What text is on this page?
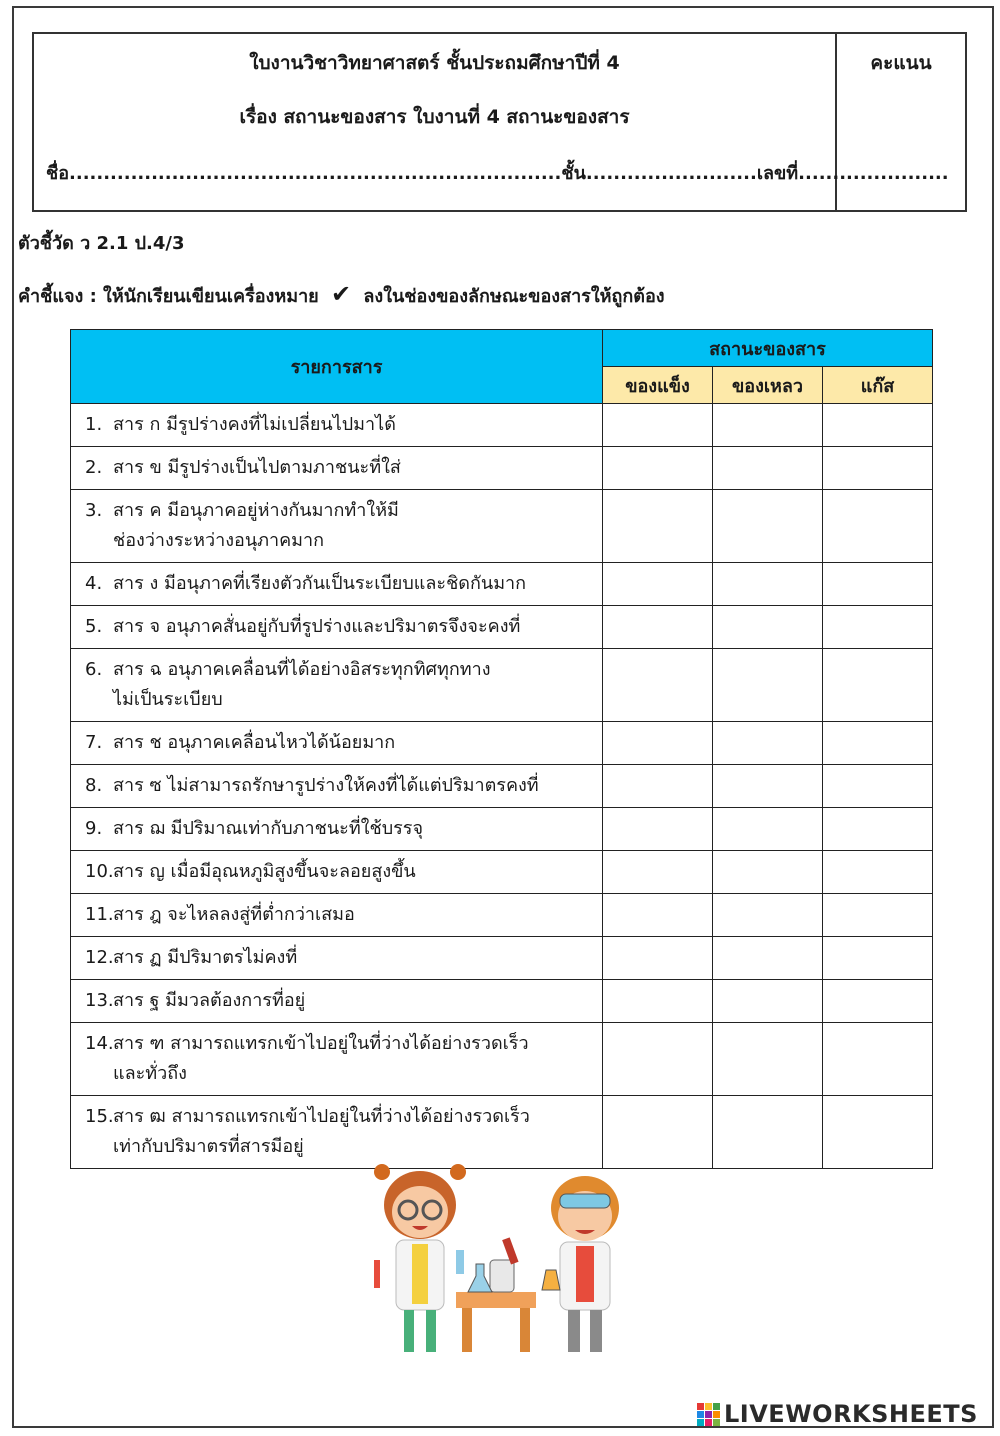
ใบงานวิชาวิทยาศาสตร์ ชั้นประถมศึกษาปีที่ 4
เรื่อง สถานะของสาร ใบงานที่ 4 สถานะของสาร
ชื่อ........................................................................ชั้น.........................เลขที่......................
คะแนน
ตัวชี้วัด ว 2.1 ป.4/3
คำชี้แจง : ให้นักเรียนเขียนเครื่องหมาย ✔ ลงในช่องของลักษณะของสารให้ถูกต้อง
รายการสาร	สถานะของสาร		
	ของแข็ง	ของเหลว	แก๊ส

1. สาร ก มีรูปร่างคงที่ไม่เปลี่ยนไปมาได้			

2. สาร ข มีรูปร่างเป็นไปตามภาชนะที่ใส่			

3. สาร ค มีอนุภาคอยู่ห่างกันมากทำให้มี
ช่องว่างระหว่างอนุภาคมาก			

4. สาร ง มีอนุภาคที่เรียงตัวกันเป็นระเบียบและชิดกันมาก			

5. สาร จ อนุภาคสั่นอยู่กับที่รูปร่างและปริมาตรจึงจะคงที่			

6. สาร ฉ อนุภาคเคลื่อนที่ได้อย่างอิสระทุกทิศทุกทาง
ไม่เป็นระเบียบ			

7. สาร ช อนุภาคเคลื่อนไหวได้น้อยมาก			

8. สาร ซ ไม่สามารถรักษารูปร่างให้คงที่ได้แต่ปริมาตรคงที่			

9. สาร ฌ มีปริมาณเท่ากับภาชนะที่ใช้บรรจุ			

10. สาร ญ เมื่อมีอุณหภูมิสูงขึ้นจะลอยสูงขึ้น			

11. สาร ฎ จะไหลลงสู่ที่ต่ำกว่าเสมอ			

12. สาร ฏ มีปริมาตรไม่คงที่			

13. สาร ฐ มีมวลต้องการที่อยู่			

14. สาร ฑ สามารถแทรกเข้าไปอยู่ในที่ว่างได้อย่างรวดเร็ว
และทั่วถึง			

15. สาร ฒ สามารถแทรกเข้าไปอยู่ในที่ว่างได้อย่างรวดเร็ว
เท่ากับปริมาตรที่สารมีอยู่			

LIVEWORKSHEETS
